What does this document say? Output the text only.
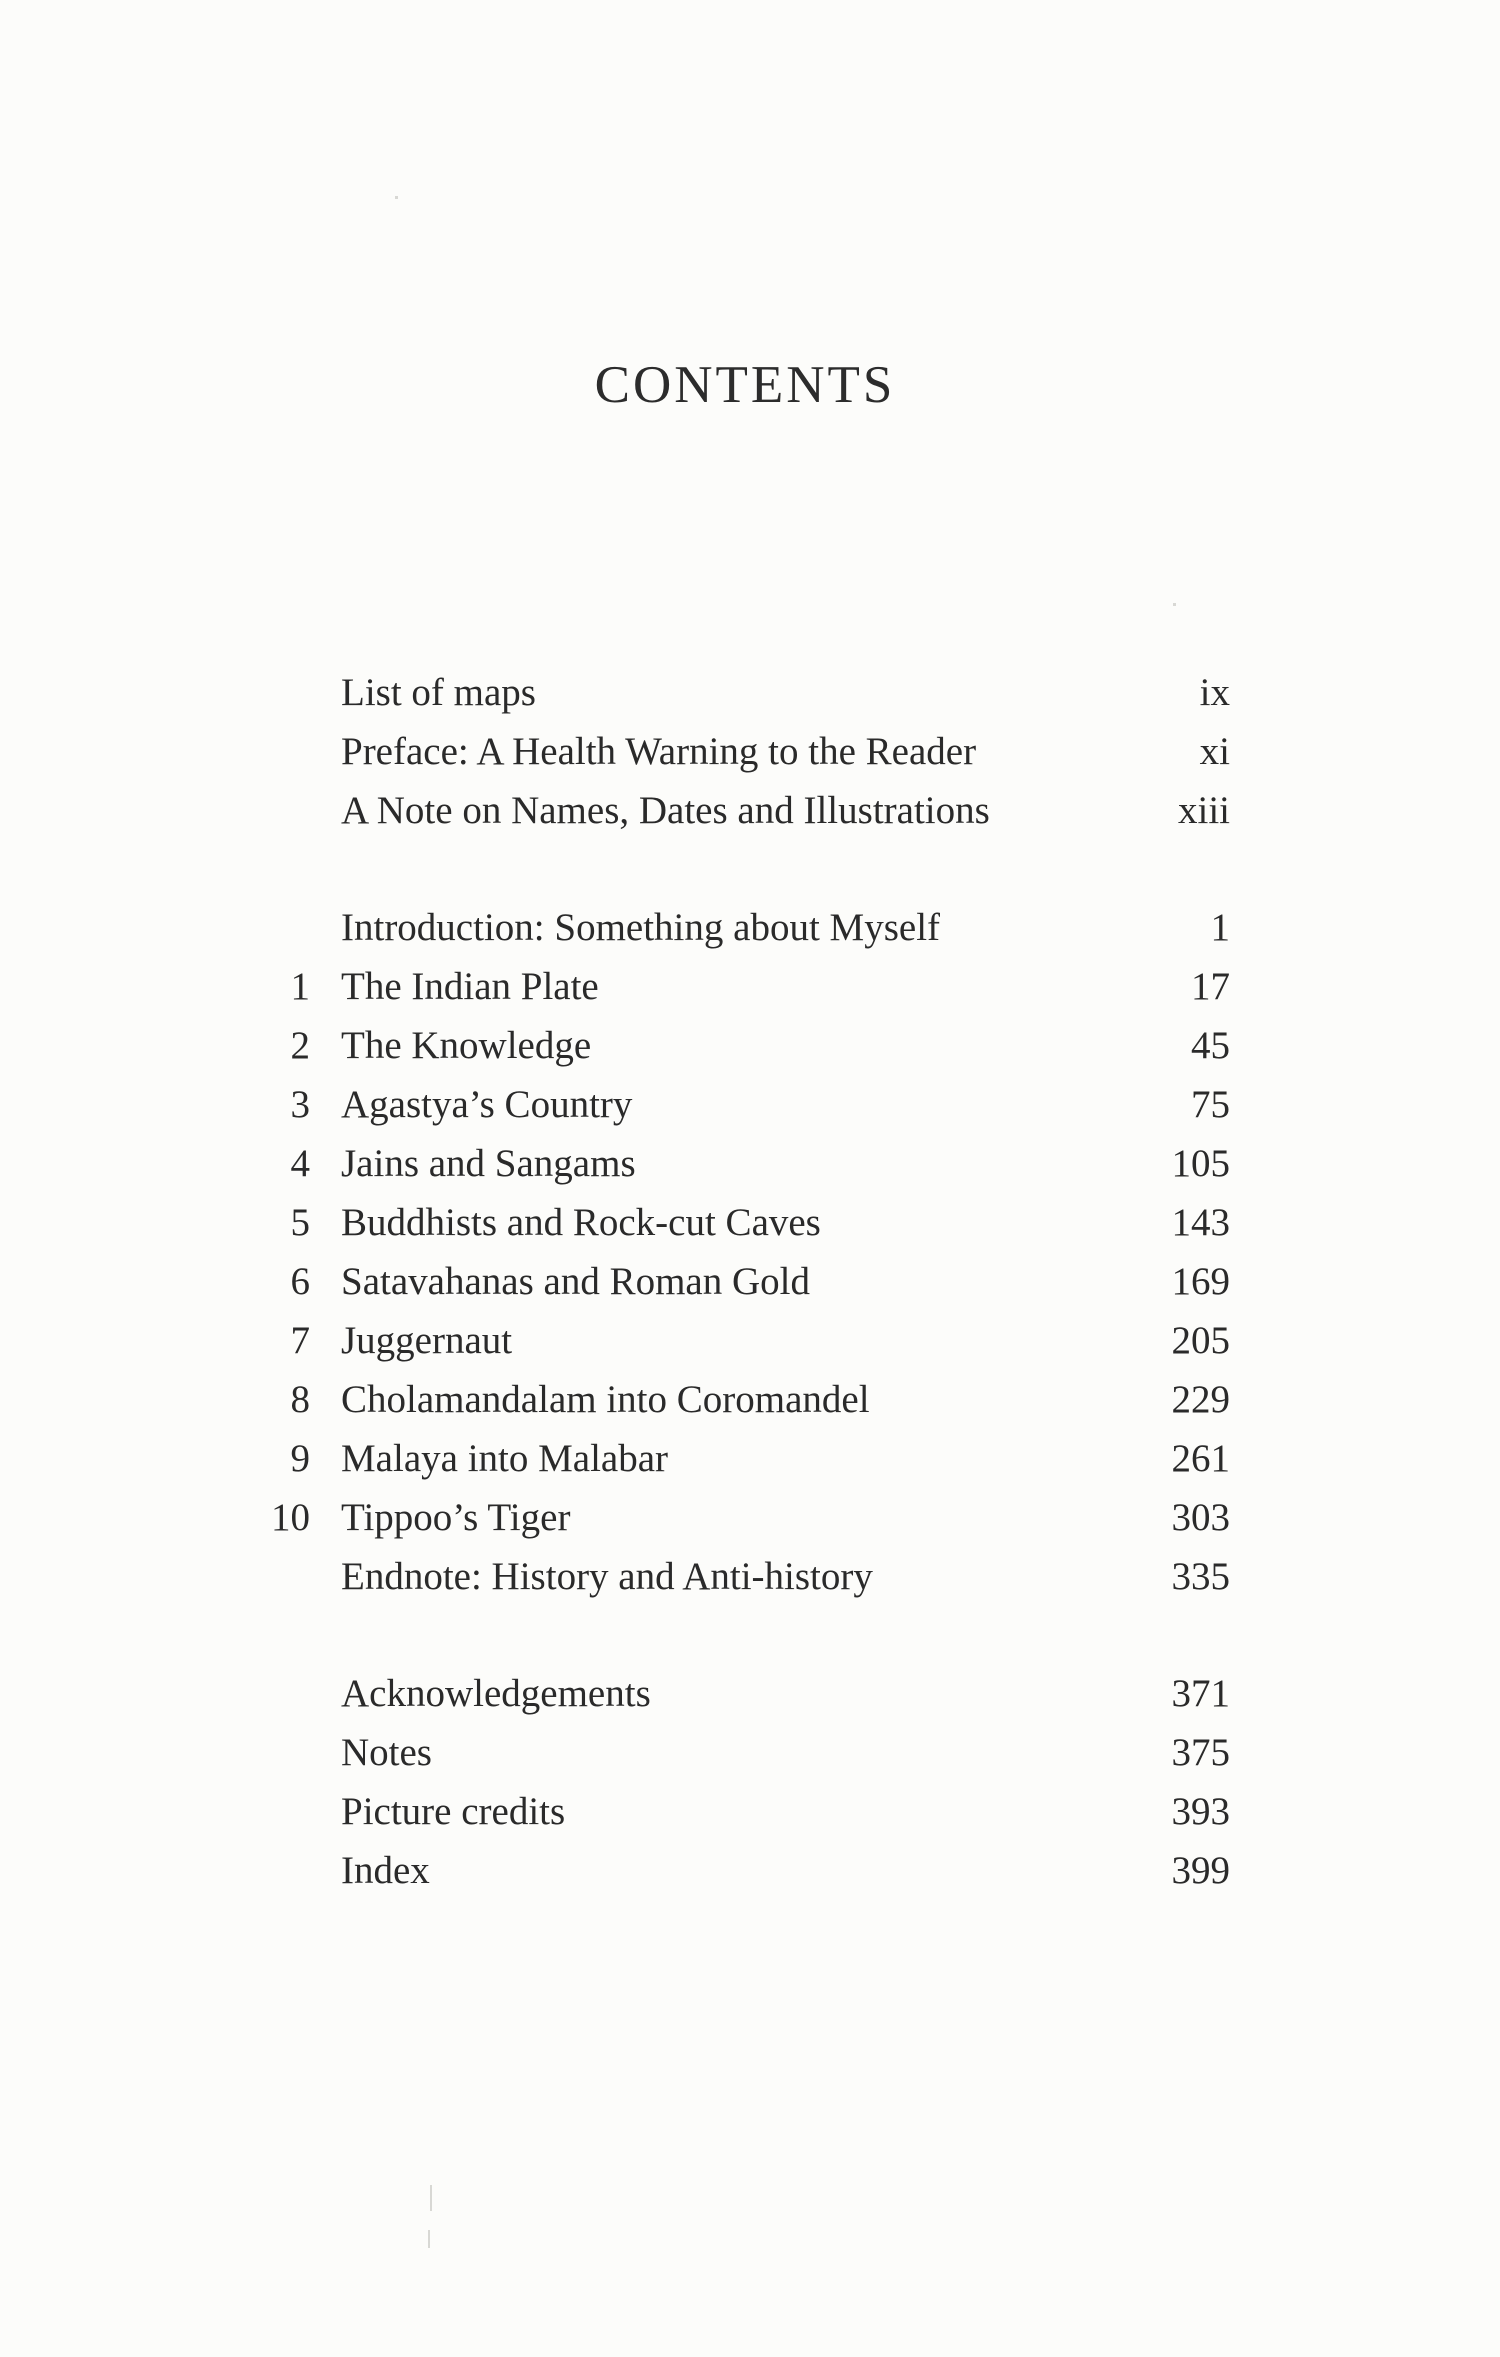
CONTENTS
List of maps	ix
Preface: A Health Warning to the Reader	xi
A Note on Names, Dates and Illustrations	xiii
Introduction: Something about Myself	1
1 The Indian Plate	17
2 The Knowledge	45
3 Agastya’s Country	75
4 Jains and Sangams	105
5 Buddhists and Rock-cut Caves	143
6 Satavahanas and Roman Gold	169
7 Juggernaut	205
8 Cholamandalam into Coromandel	229
9 Malaya into Malabar	261
10 Tippoo’s Tiger	303
Endnote: History and Anti-history	335
Acknowledgements	371
Notes	375
Picture credits	393
Index	399
